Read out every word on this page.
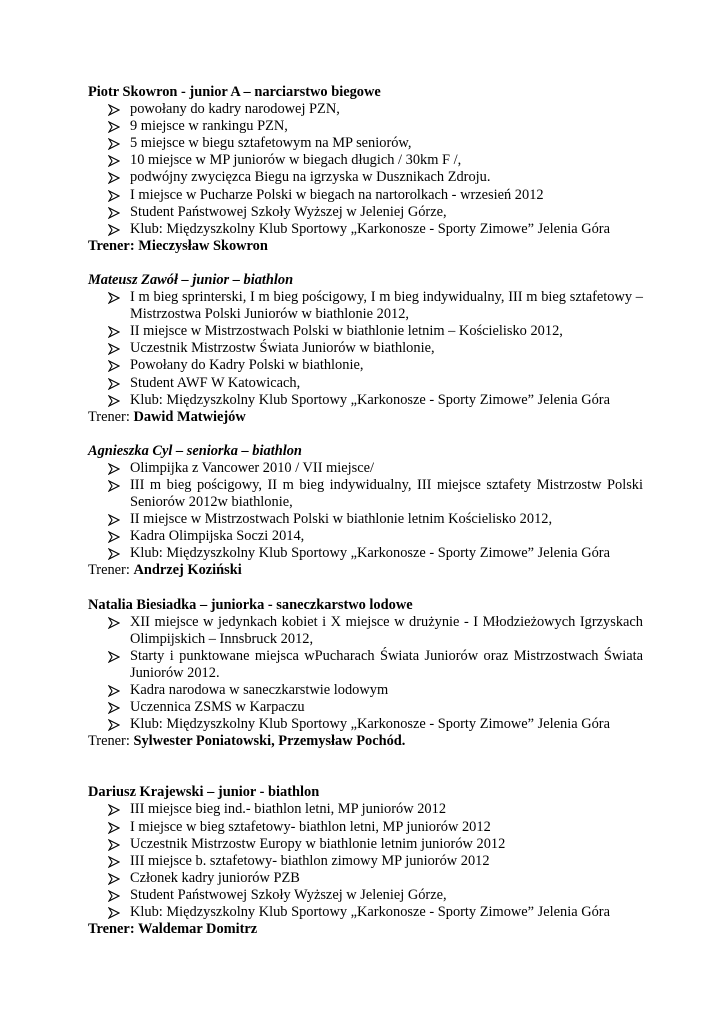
Piotr Skowron - junior A – narciarstwo biegowe

powołany do kadry narodowej PZN,
9 miejsce w rankingu PZN,
5 miejsce w biegu sztafetowym na MP seniorów,
10 miejsce w MP juniorów w biegach długich / 30km F /,
podwójny zwycięzca Biegu na igrzyska w Dusznikach Zdroju.
I miejsce w Pucharze Polski w biegach na nartorolkach - wrzesień 2012
Student Państwowej Szkoły Wyższej w Jeleniej Górze,
Klub: Międzyszkolny Klub Sportowy „Karkonosze - Sporty Zimowe” Jelenia Góra

Trener: Mieczysław Skowron

Mateusz Zawół – junior – biathlon

I m bieg sprinterski, I m bieg pościgowy, I m bieg indywidualny, III m bieg sztafetowy – Mistrzostwa Polski Juniorów w biathlonie 2012,
II miejsce w Mistrzostwach Polski w biathlonie letnim – Kościelisko 2012,
Uczestnik Mistrzostw Świata Juniorów w biathlonie,
Powołany do Kadry Polski w biathlonie,
Student AWF W Katowicach,
Klub: Międzyszkolny Klub Sportowy „Karkonosze - Sporty Zimowe” Jelenia Góra

Trener: Dawid Matwiejów

Agnieszka Cyl – seniorka – biathlon

Olimpijka z Vancower 2010 / VII miejsce/
III m bieg pościgowy, II m bieg indywidualny, III miejsce sztafety Mistrzostw Polski Seniorów 2012w biathlonie,
II miejsce w Mistrzostwach Polski w biathlonie letnim Kościelisko 2012,
Kadra Olimpijska Soczi 2014,
Klub: Międzyszkolny Klub Sportowy „Karkonosze - Sporty Zimowe” Jelenia Góra

Trener: Andrzej Koziński

Natalia Biesiadka – juniorka - saneczkarstwo lodowe

XII miejsce w jedynkach kobiet i X miejsce w drużynie - I Młodzieżowych Igrzyskach Olimpijskich – Innsbruck 2012,
Starty i punktowane miejsca wPucharach Świata Juniorów oraz Mistrzostwach Świata Juniorów 2012.
Kadra narodowa w saneczkarstwie lodowym
Uczennica ZSMS w Karpaczu
Klub: Międzyszkolny Klub Sportowy „Karkonosze - Sporty Zimowe” Jelenia Góra

Trener: Sylwester Poniatowski, Przemysław Pochód.

Dariusz Krajewski – junior - biathlon

III miejsce bieg ind.- biathlon letni, MP juniorów 2012
I miejsce w bieg sztafetowy- biathlon letni, MP juniorów 2012
Uczestnik Mistrzostw Europy w biathlonie letnim juniorów 2012
III miejsce b. sztafetowy- biathlon zimowy MP juniorów 2012
Członek kadry juniorów PZB
Student Państwowej Szkoły Wyższej w Jeleniej Górze,
Klub: Międzyszkolny Klub Sportowy „Karkonosze - Sporty Zimowe” Jelenia Góra

Trener: Waldemar Domitrz
